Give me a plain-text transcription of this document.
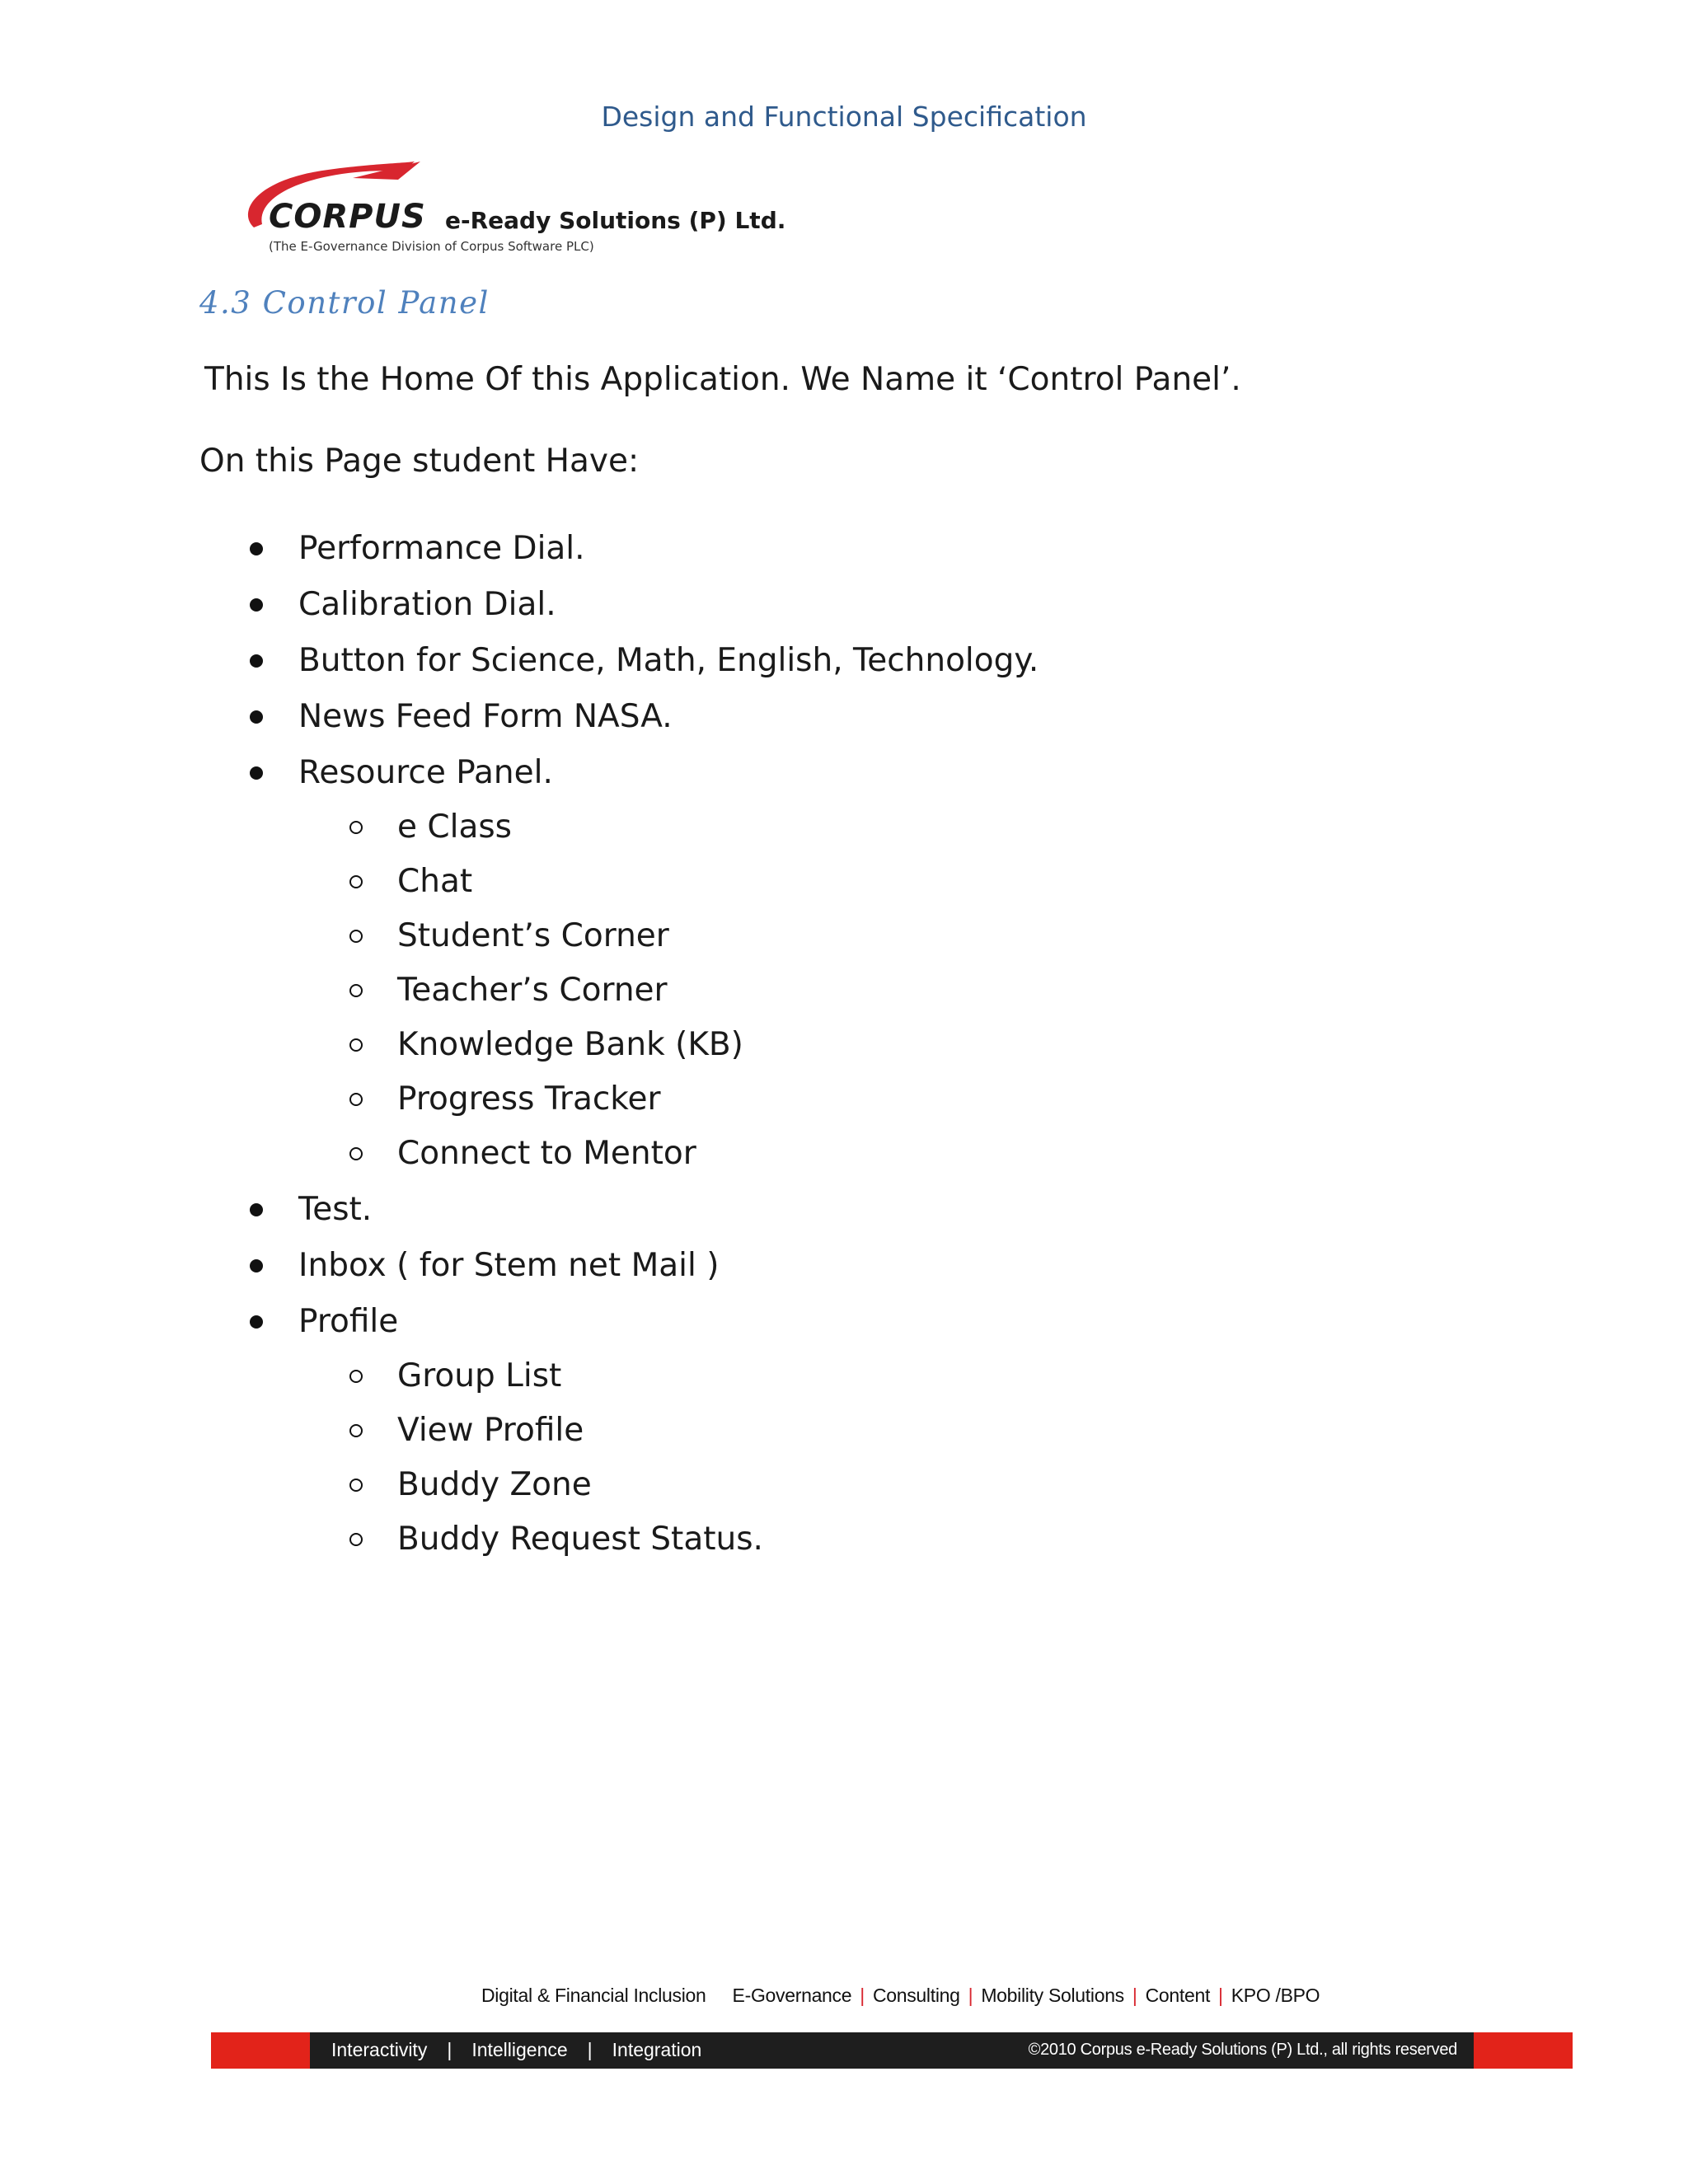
Design and Functional Specification
CORPUS e-Ready Solutions (P) Ltd.
(The E-Governance Division of Corpus Software PLC)
4.3 Control Panel

This Is the Home Of this Application. We Name it ‘Control Panel’.

On this Page student Have:

Performance Dial.
Calibration Dial.
Button for Science, Math, English, Technology.
News Feed Form NASA.
Resource Panel.
e Class
Chat
Student’s Corner
Teacher’s Corner
Knowledge Bank (KB)
Progress Tracker
Connect to Mentor
Test.
Inbox ( for Stem net Mail )
Profile
Group List
View Profile
Buddy Zone
Buddy Request Status.
Digital & Financial Inclusion E-Governance | Consulting | Mobility Solutions | Content | KPO /BPO
Interactivity | Intelligence | Integration	©2010 Corpus e-Ready Solutions (P) Ltd., all rights reserved
